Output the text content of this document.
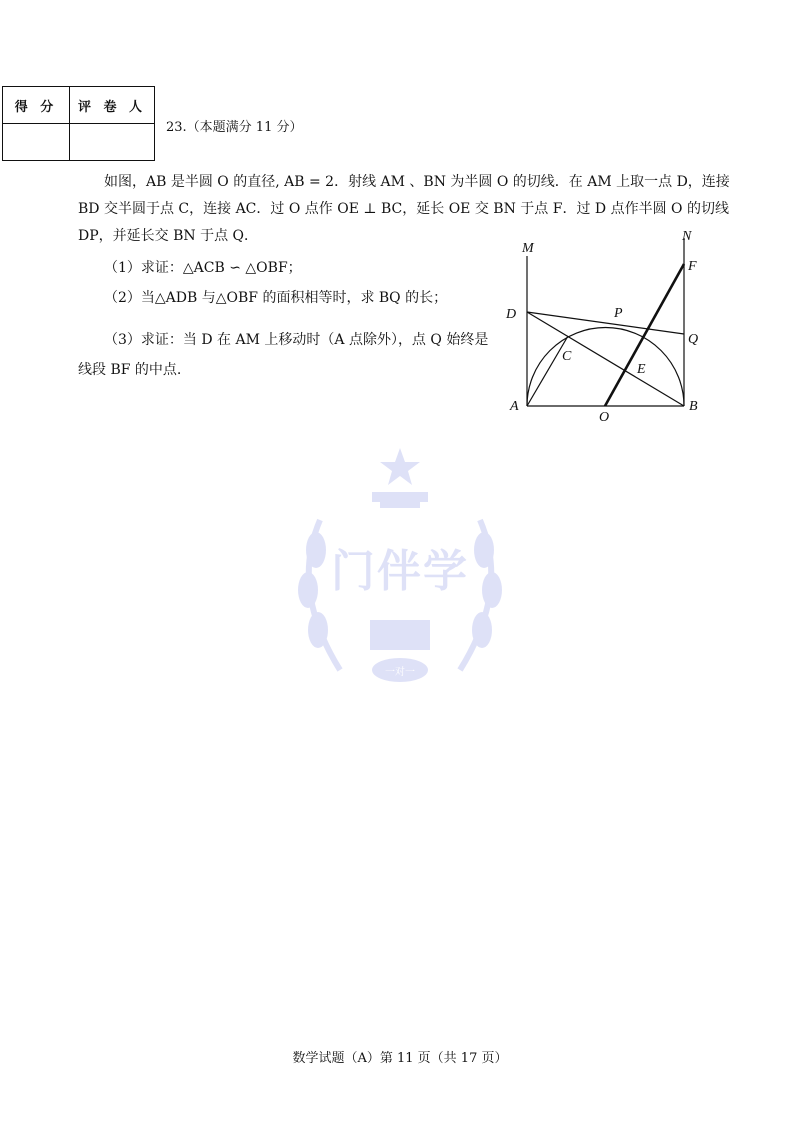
得 分	评 卷 人

23.（本题满分 11 分）
如图，AB 是半圆 O 的直径, AB = 2．射线 AM 、BN 为半圆 O 的切线．在 AM 上取一点 D，连接
BD 交半圆于点 C，连接 AC．过 O 点作 OE ⊥ BC，延长 OE 交 BN 于点 F．过 D 点作半圆 O 的切线
DP，并延长交 BN 于点 Q．
（1）求证：△ACB ∽ △OBF；
（2）当△ADB 与△OBF 的面积相等时，求 BQ 的长；
（3）求证：当 D 在 AM 上移动时（A 点除外），点 Q 始终是
线段 BF 的中点.
门伴学
一对一
M
N
F
D	P
Q
C
E
A
O
B
数学试题（A）第 11 页（共 17 页）
